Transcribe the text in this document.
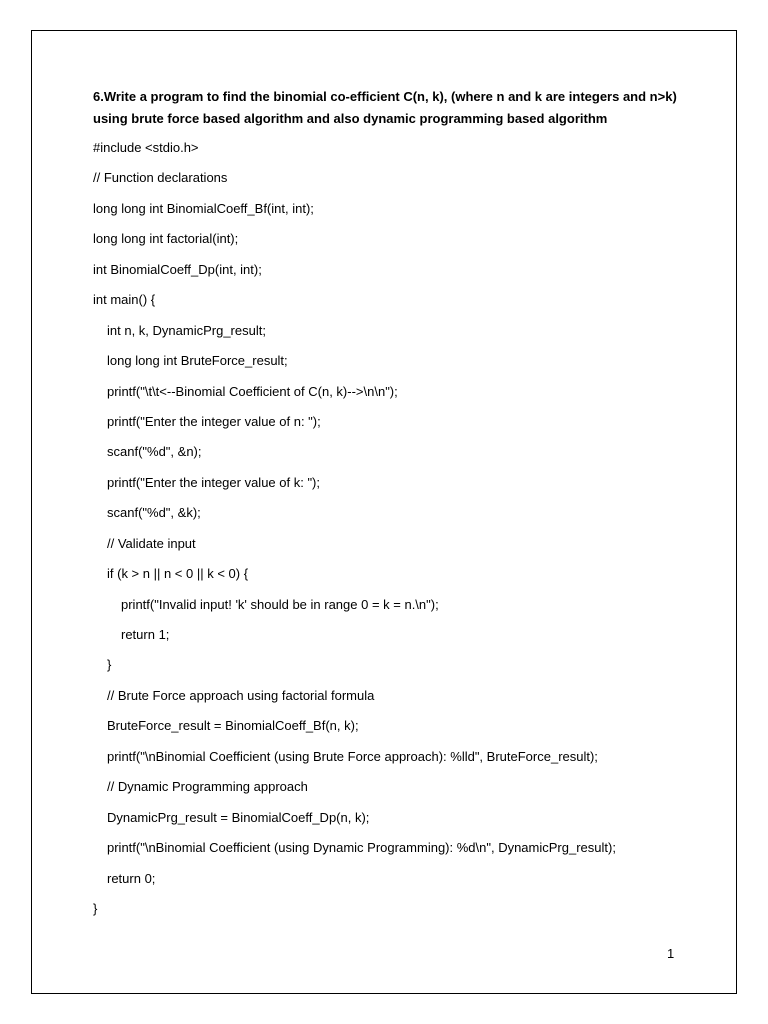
6.Write a program to find the binomial co-efficient C(n, k), (where n and k are integers and n>k) using brute force based algorithm and also dynamic programming based algorithm

#include <stdio.h>
// Function declarations
long long int BinomialCoeff_Bf(int, int);
long long int factorial(int);
int BinomialCoeff_Dp(int, int);
int main() {
int n, k, DynamicPrg_result;
long long int BruteForce_result;
printf("\t\t<--Binomial Coefficient of C(n, k)-->\n\n");
printf("Enter the integer value of n: ");
scanf("%d", &n);
printf("Enter the integer value of k: ");
scanf("%d", &k);
// Validate input
if (k > n || n < 0 || k < 0) {
printf("Invalid input! 'k' should be in range 0 = k = n.\n");
return 1;
}
// Brute Force approach using factorial formula
BruteForce_result = BinomialCoeff_Bf(n, k);
printf("\nBinomial Coefficient (using Brute Force approach): %lld", BruteForce_result);
// Dynamic Programming approach
DynamicPrg_result = BinomialCoeff_Dp(n, k);
printf("\nBinomial Coefficient (using Dynamic Programming): %d\n", DynamicPrg_result);
return 0;
}
1
